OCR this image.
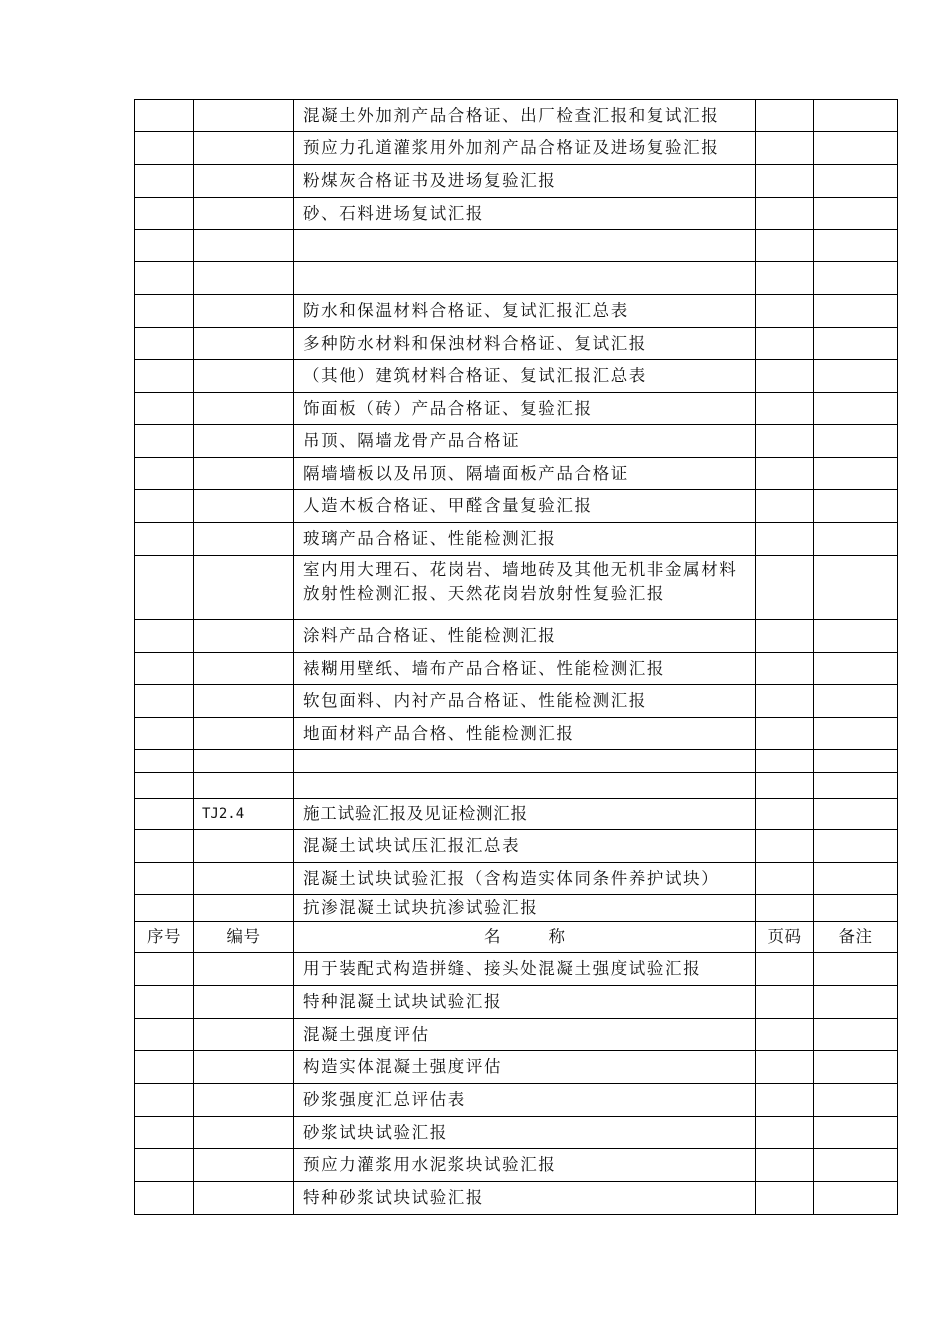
		混凝土外加剂产品合格证、出厂检查汇报和复试汇报		
		预应力孔道灌浆用外加剂产品合格证及进场复验汇报		
		粉煤灰合格证书及进场复验汇报		
		砂、石料进场复试汇报		

		防水和保温材料合格证、复试汇报汇总表		
		多种防水材料和保浊材料合格证、复试汇报		
		（其他）建筑材料合格证、复试汇报汇总表		
		饰面板（砖）产品合格证、复验汇报		
		吊顶、隔墙龙骨产品合格证		
		隔墙墙板以及吊顶、隔墙面板产品合格证		
		人造木板合格证、甲醛含量复验汇报		
		玻璃产品合格证、性能检测汇报		
		室内用大理石、花岗岩、墙地砖及其他无机非金属材料放射性检测汇报、天然花岗岩放射性复验汇报		
		涂料产品合格证、性能检测汇报		
		裱糊用壁纸、墙布产品合格证、性能检测汇报		
		软包面料、内衬产品合格证、性能检测汇报		
		地面材料产品合格、性能检测汇报		

	TJ2.4	施工试验汇报及见证检测汇报		
		混凝土试块试压汇报汇总表		
		混凝土试块试验汇报（含构造实体同条件养护试块）		
		抗渗混凝土试块抗渗试验汇报		
序号	编号	名 称	页码	备注
		用于装配式构造拼缝、接头处混凝土强度试验汇报		
		特种混凝土试块试验汇报		
		混凝土强度评估		
		构造实体混凝土强度评估		
		砂浆强度汇总评估表		
		砂浆试块试验汇报		
		预应力灌浆用水泥浆块试验汇报		
		特种砂浆试块试验汇报		
